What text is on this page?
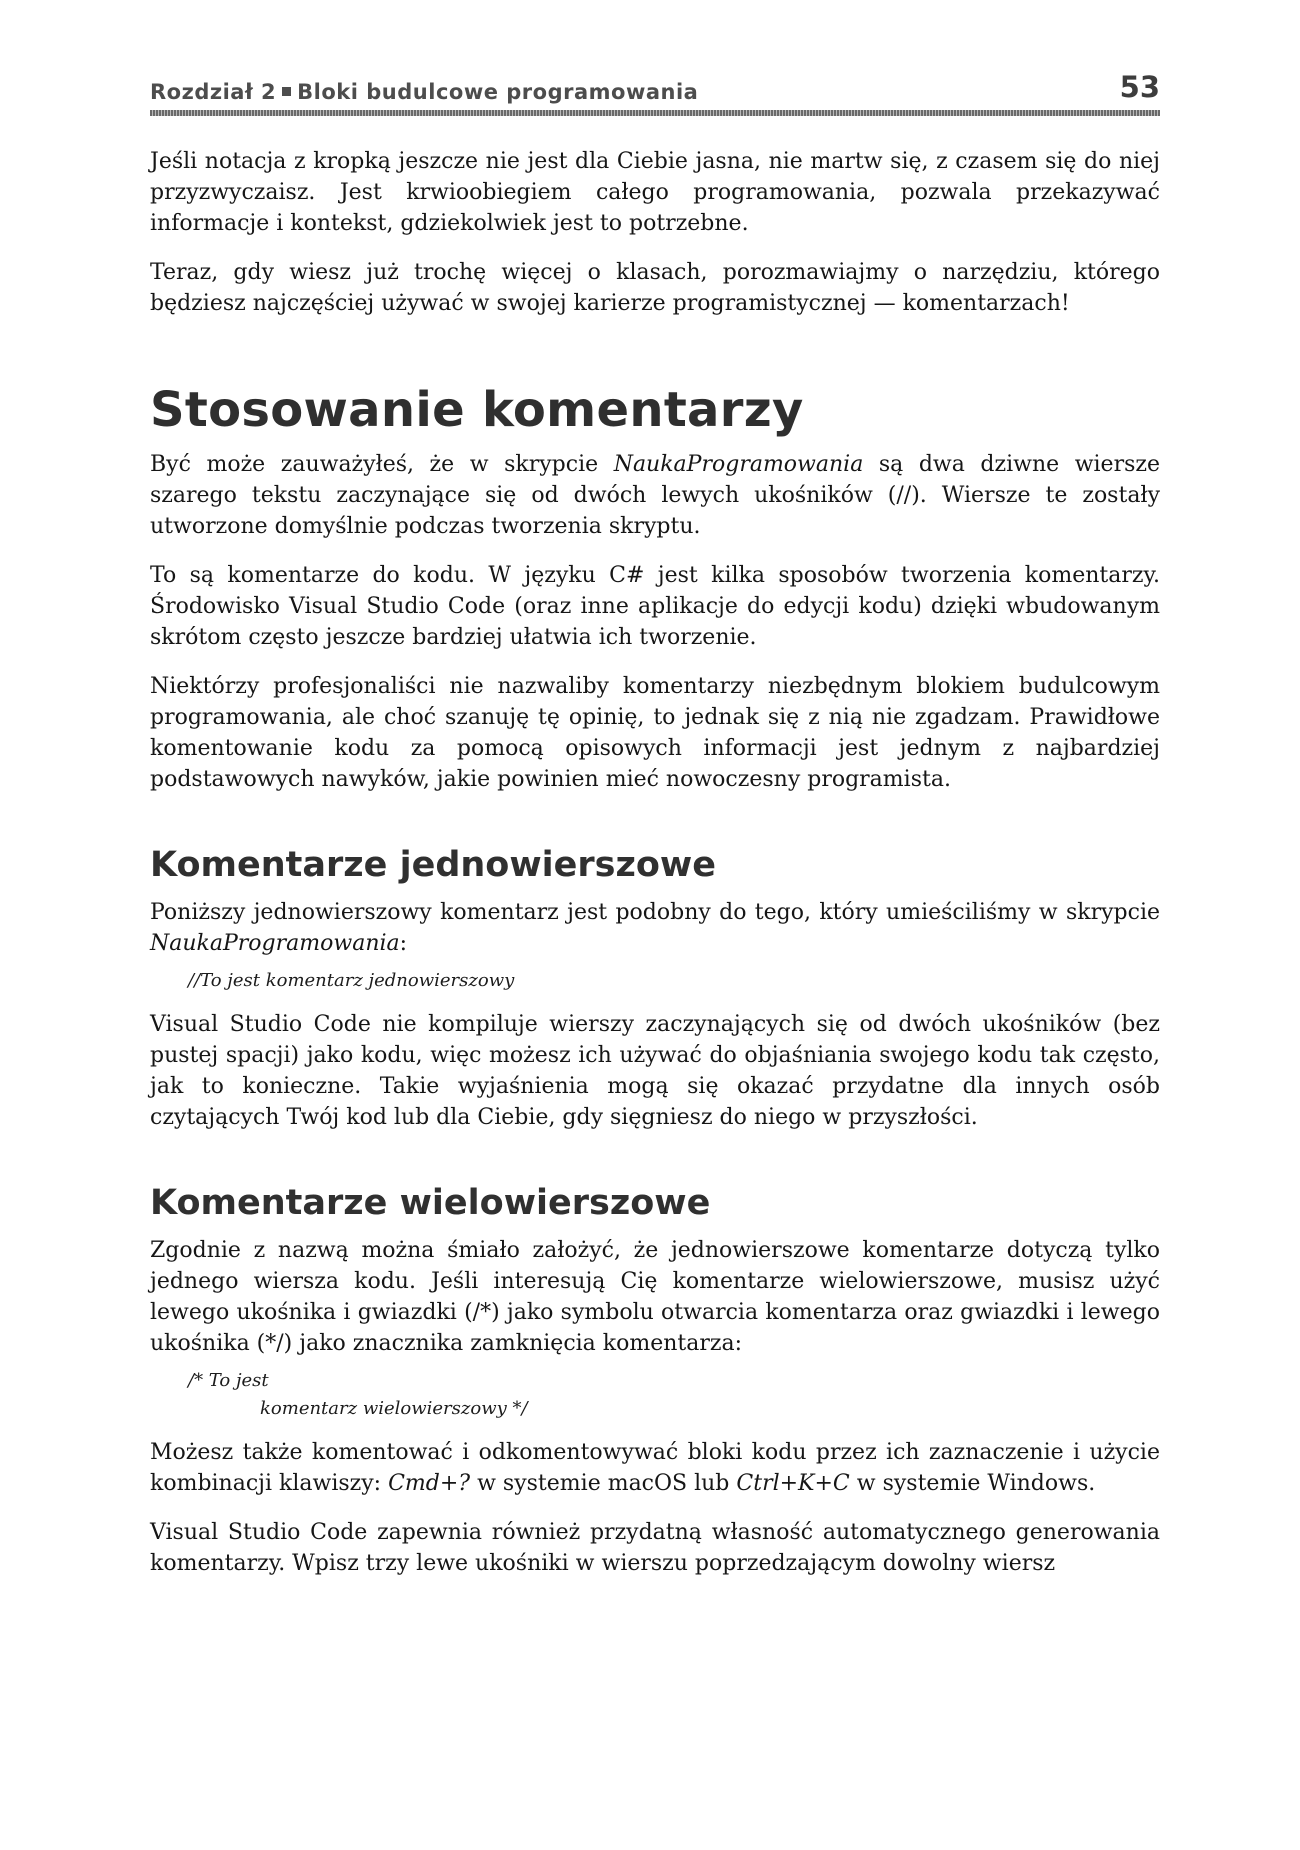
Rozdział 2 Bloki budulcowe programowania	53

Jeśli notacja z kropką jeszcze nie jest dla Ciebie jasna, nie martw się, z czasem się do niej przyzwyczaisz. Jest krwioobiegiem całego programowania, pozwala przekazywać informacje i kontekst, gdziekolwiek jest to potrzebne.

Teraz, gdy wiesz już trochę więcej o klasach, porozmawiajmy o narzędziu, którego będziesz najczęściej używać w swojej karierze programistycznej — komentarzach!

Stosowanie komentarzy

Być może zauważyłeś, że w skrypcie NaukaProgramowania są dwa dziwne wiersze szarego tekstu zaczynające się od dwóch lewych ukośników (//). Wiersze te zostały utworzone domyślnie podczas tworzenia skryptu.

To są komentarze do kodu. W języku C# jest kilka sposobów tworzenia komentarzy. Środowisko Visual Studio Code (oraz inne aplikacje do edycji kodu) dzięki wbudowanym skrótom często jeszcze bardziej ułatwia ich tworzenie.

Niektórzy profesjonaliści nie nazwaliby komentarzy niezbędnym blokiem budulcowym programowania, ale choć szanuję tę opinię, to jednak się z nią nie zgadzam. Prawidłowe komentowanie kodu za pomocą opisowych informacji jest jednym z najbardziej podstawowych nawyków, jakie powinien mieć nowoczesny programista.

Komentarze jednowierszowe

Poniższy jednowierszowy komentarz jest podobny do tego, który umieściliśmy w skrypcie NaukaProgramowania:

//To jest komentarz jednowierszowy

Visual Studio Code nie kompiluje wierszy zaczynających się od dwóch ukośników (bez pustej spacji) jako kodu, więc możesz ich używać do objaśniania swojego kodu tak często, jak to konieczne. Takie wyjaśnienia mogą się okazać przydatne dla innych osób czytających Twój kod lub dla Ciebie, gdy sięgniesz do niego w przyszłości.

Komentarze wielowierszowe

Zgodnie z nazwą można śmiało założyć, że jednowierszowe komentarze dotyczą tylko jednego wiersza kodu. Jeśli interesują Cię komentarze wielowierszowe, musisz użyć lewego ukośnika i gwiazdki (/*) jako symbolu otwarcia komentarza oraz gwiazdki i lewego ukośnika (*/) jako znacznika zamknięcia komentarza:

/* To jest
komentarz wielowierszowy */

Możesz także komentować i odkomentowywać bloki kodu przez ich zaznaczenie i użycie kombinacji klawiszy: Cmd+? w systemie macOS lub Ctrl+K+C w systemie Windows.

Visual Studio Code zapewnia również przydatną własność automatycznego generowania komentarzy. Wpisz trzy lewe ukośniki w wierszu poprzedzającym dowolny wiersz
